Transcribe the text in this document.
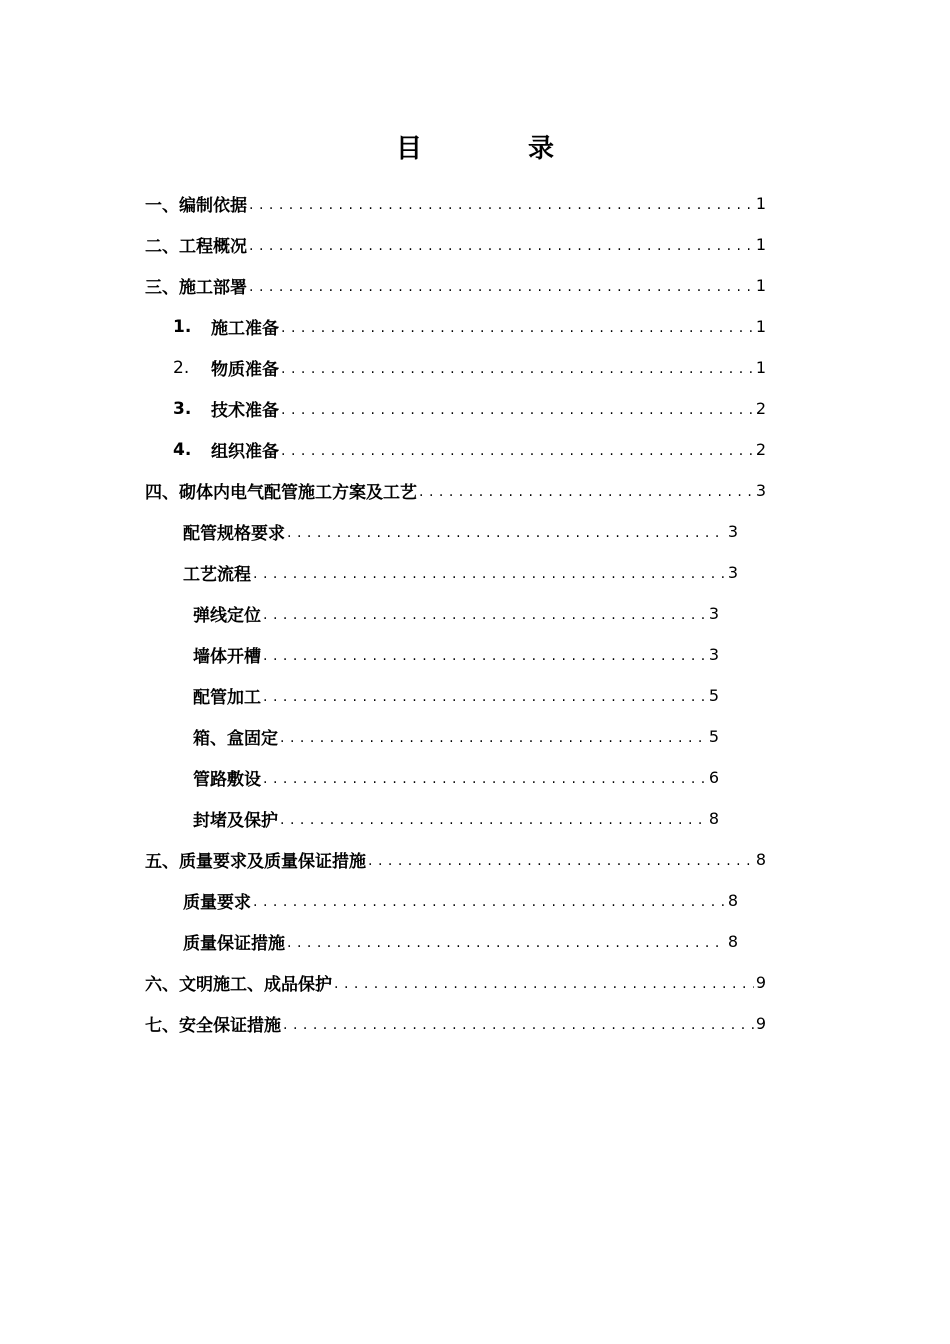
目　录
一、编制依据 .....	1
二、工程概况 .....	1
三、施工部署 .....	1
1.	施工准备 .....	1
2.	物质准备 .....	1
3.	技术准备 .....	2
4.	组织准备 .....	2
四、砌体内电气配管施工方案及工艺 .....	3
配管规格要求 .....	3
工艺流程 .....	3
弹线定位 .....	3
墙体开槽 .....	3
配管加工 .....	5
箱、盒固定 .....	5
管路敷设 .....	6
封堵及保护 .....	8
五、质量要求及质量保证措施 .....	8
质量要求 .....	8
质量保证措施 .....	8
六、文明施工、成品保护 .....	9
七、安全保证措施 .....	9
